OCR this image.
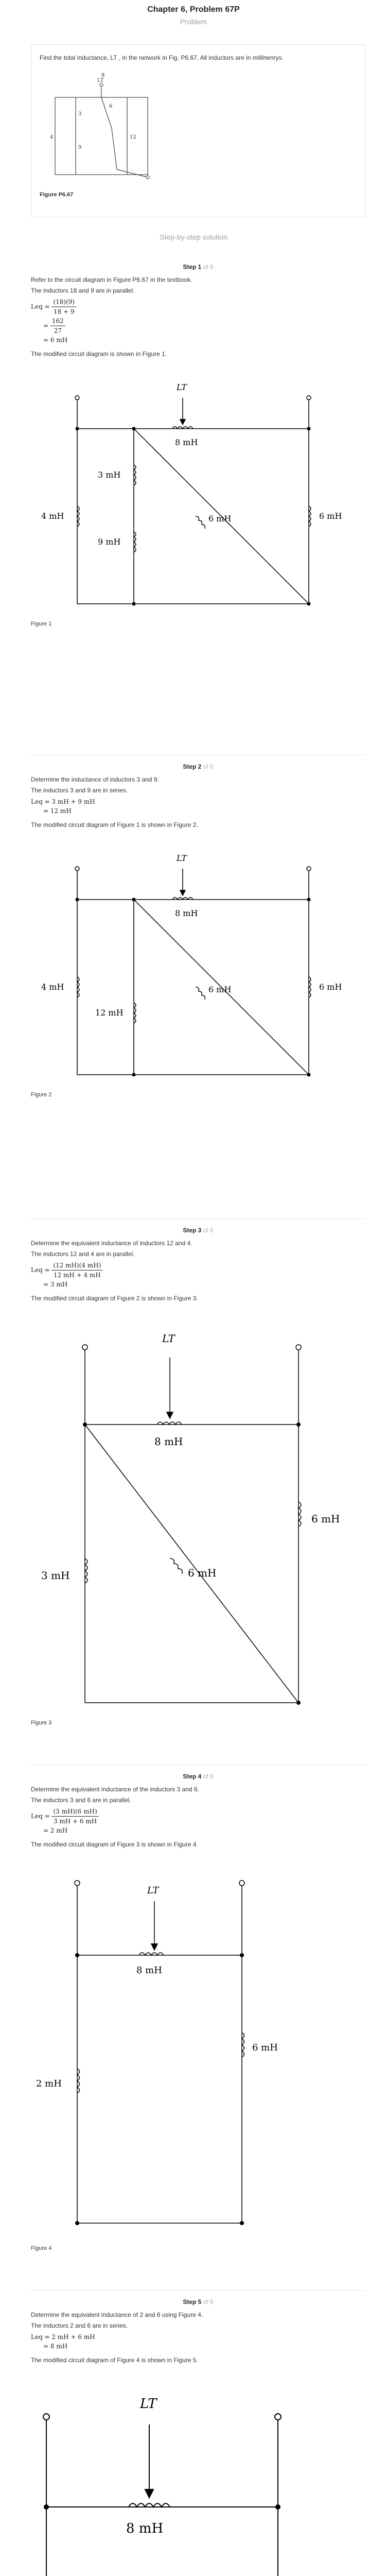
Chapter 6, Problem 67P
Problem
Find the total inductance, LT , in the network in Fig. P6.67. All inductors are in millihenrys.
4
3
6
12
9
8
LT
Figure P6.67
Step-by-step solution
Step 1 of 6
Refer to the circuit diagram in Figure P6.67 in the textbook.
The inductors 18 and 9 are in parallel.
Leq = $\frac{(18)(9)}{18 + 9}$
= $\frac{162}{27}$
= 6 mH
The modified circuit diagram is shown in Figure 1.
LT
8 mH
4 mH
3 mH
9 mH
6 mH	6 mH
Figure 1
Step 2 of 6
Determine the inductance of inductors 3 and 9.
The inductors 3 and 9 are in series.
Leq = 3 mH + 9 mH
= 12 mH
The modified circuit diagram of Figure 1 is shown in Figure 2.
LT
8 mH
4 mH
12 mH
6 mH	6 mH
Figure 2
Step 3 of 6
Determine the equivalent inductance of inductors 12 and 4.
The inductors 12 and 4 are in parallel.
Leq = $\frac{(12 mH)(4 mH)}{12 mH + 4 mH}$
= 3 mH
The modified circuit diagram of Figure 2 is shown in Figure 3.
LT
8 mH
3 mH	6 mH
6 mH
Figure 3
Step 4 of 6
Determine the equivalent inductance of the inductors 3 and 6.
The inductors 3 and 6 are in parallel.
Leq = $\frac{(3 mH)(6 mH)}{3 mH + 6 mH}$
= 2 mH
The modified circuit diagram of Figure 3 is shown in Figure 4.
LT
8 mH
2 mH
6 mH
Figure 4
Step 5 of 6
Determine the equivalent inductance of 2 and 6 using Figure 4.
The inductors 2 and 6 are in series.
Leq = 2 mH + 6 mH
= 8 mH
The modified circuit diagram of Figure 4 is shown in Figure 5.
LT
8 mH
